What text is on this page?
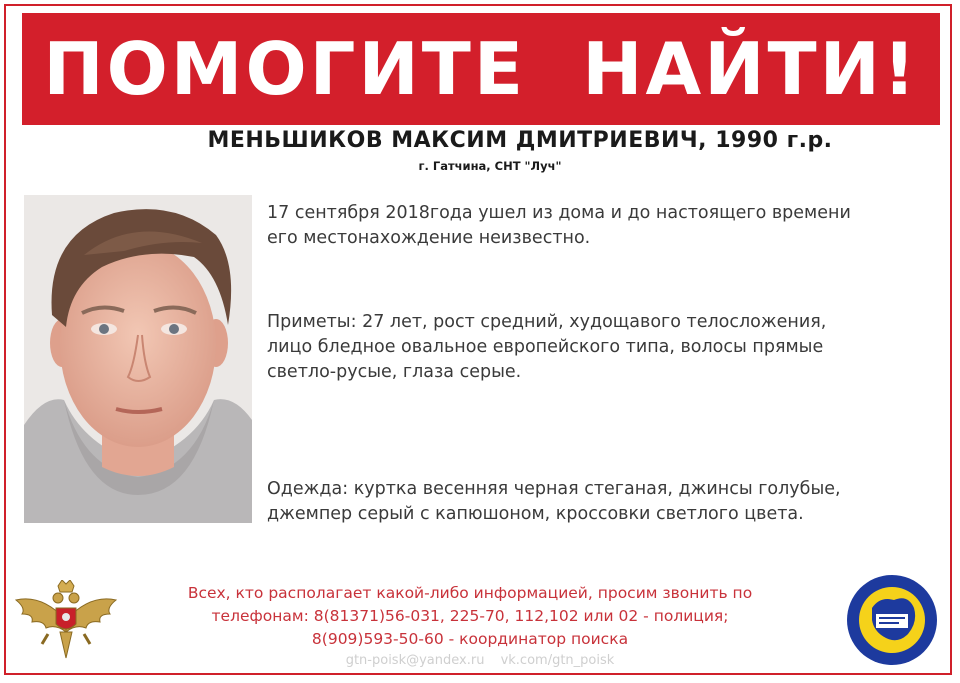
ПОМОГИТЕ  НАЙТИ!
МЕНЬШИКОВ МАКСИМ ДМИТРИЕВИЧ, 1990 г.р.
г. Гатчина, СНТ "Луч"
17 сентября 2018года ушел из дома и до настоящего времени
его местонахождение неизвестно.
Приметы: 27 лет, рост средний, худощавого телосложения,
лицо бледное овальное европейского типа, волосы прямые
светло-русые, глаза серые.
Одежда: куртка весенняя черная стеганая, джинсы голубые,
джемпер серый с капюшоном, кроссовки светлого цвета.
Всех, кто располагает какой-либо информацией, просим звонить по
телефонам: 8(81371)56-031, 225-70, 112,102 или 02 - полиция;
8(909)593-50-60 - координатор поиска
gtn-poisk@yandex.ru vk.com/gtn_poisk
